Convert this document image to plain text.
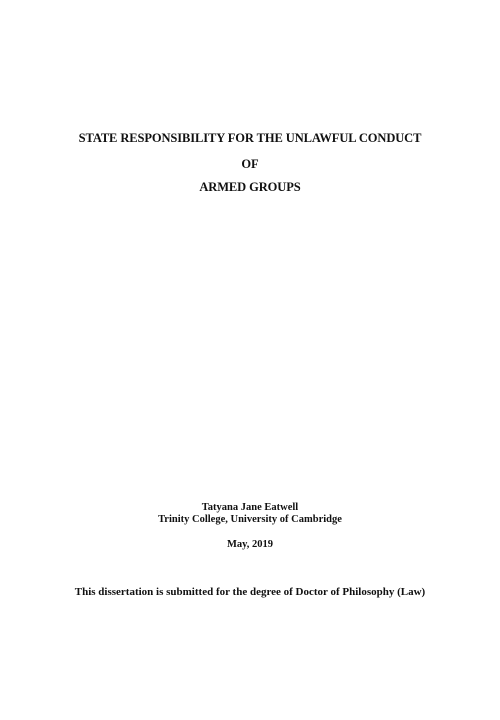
STATE RESPONSIBILITY FOR THE UNLAWFUL CONDUCT
OF
ARMED GROUPS
Tatyana Jane Eatwell
Trinity College, University of Cambridge
May, 2019
This dissertation is submitted for the degree of Doctor of Philosophy (Law)
